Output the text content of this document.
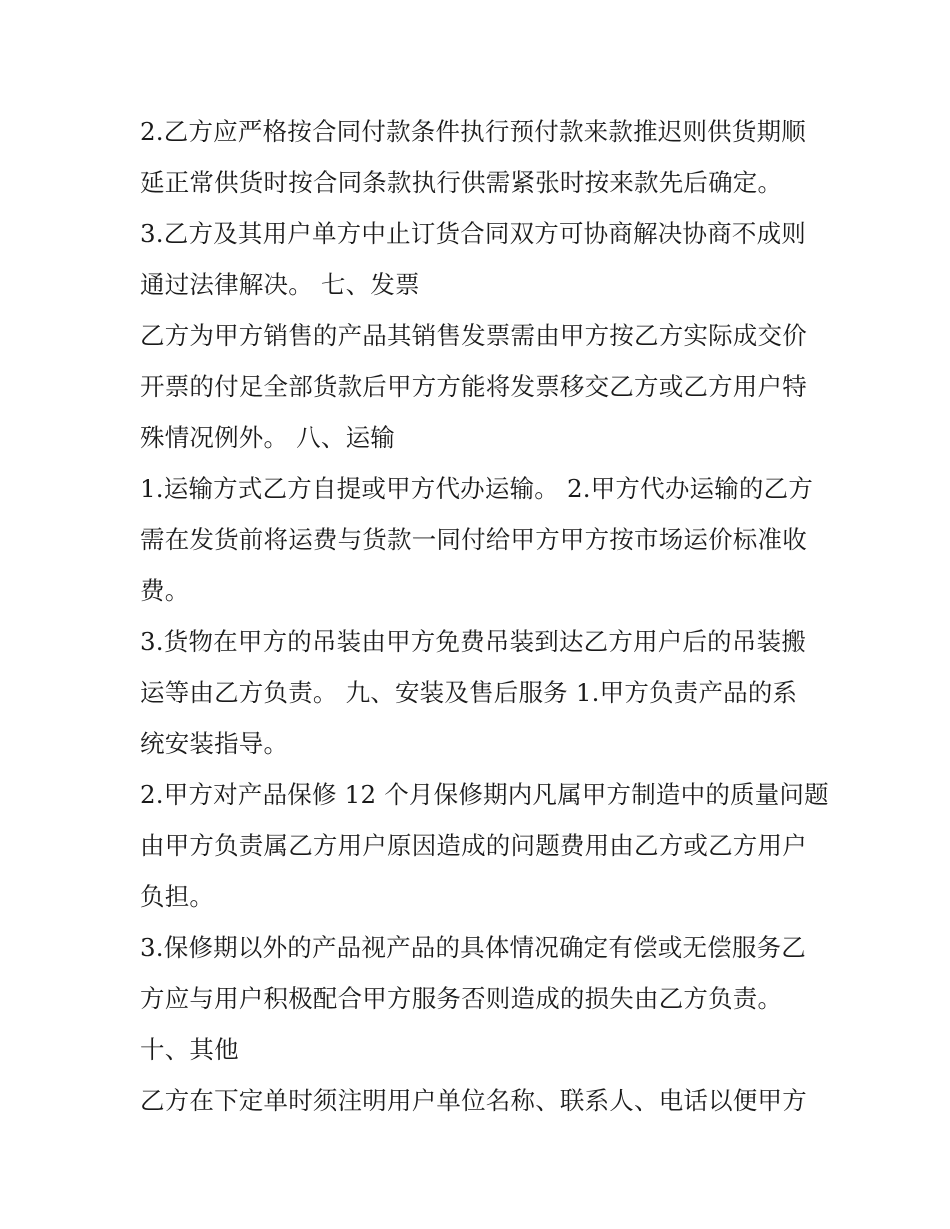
2.乙方应严格按合同付款条件执行预付款来款推迟则供货期顺
延正常供货时按合同条款执行供需紧张时按来款先后确定。
3.乙方及其用户单方中止订货合同双方可协商解决协商不成则
通过法律解决。 七、发票
乙方为甲方销售的产品其销售发票需由甲方按乙方实际成交价
开票的付足全部货款后甲方方能将发票移交乙方或乙方用户特
殊情况例外。 八、运输
1.运输方式乙方自提或甲方代办运输。 2.甲方代办运输的乙方
需在发货前将运费与货款一同付给甲方甲方按市场运价标准收
费。
3.货物在甲方的吊装由甲方免费吊装到达乙方用户后的吊装搬
运等由乙方负责。 九、安装及售后服务 1.甲方负责产品的系
统安装指导。
2.甲方对产品保修 12 个月保修期内凡属甲方制造中的质量问题
由甲方负责属乙方用户原因造成的问题费用由乙方或乙方用户
负担。
3.保修期以外的产品视产品的具体情况确定有偿或无偿服务乙
方应与用户积极配合甲方服务否则造成的损失由乙方负责。
十、其他
乙方在下定单时须注明用户单位名称、联系人、电话以便甲方
